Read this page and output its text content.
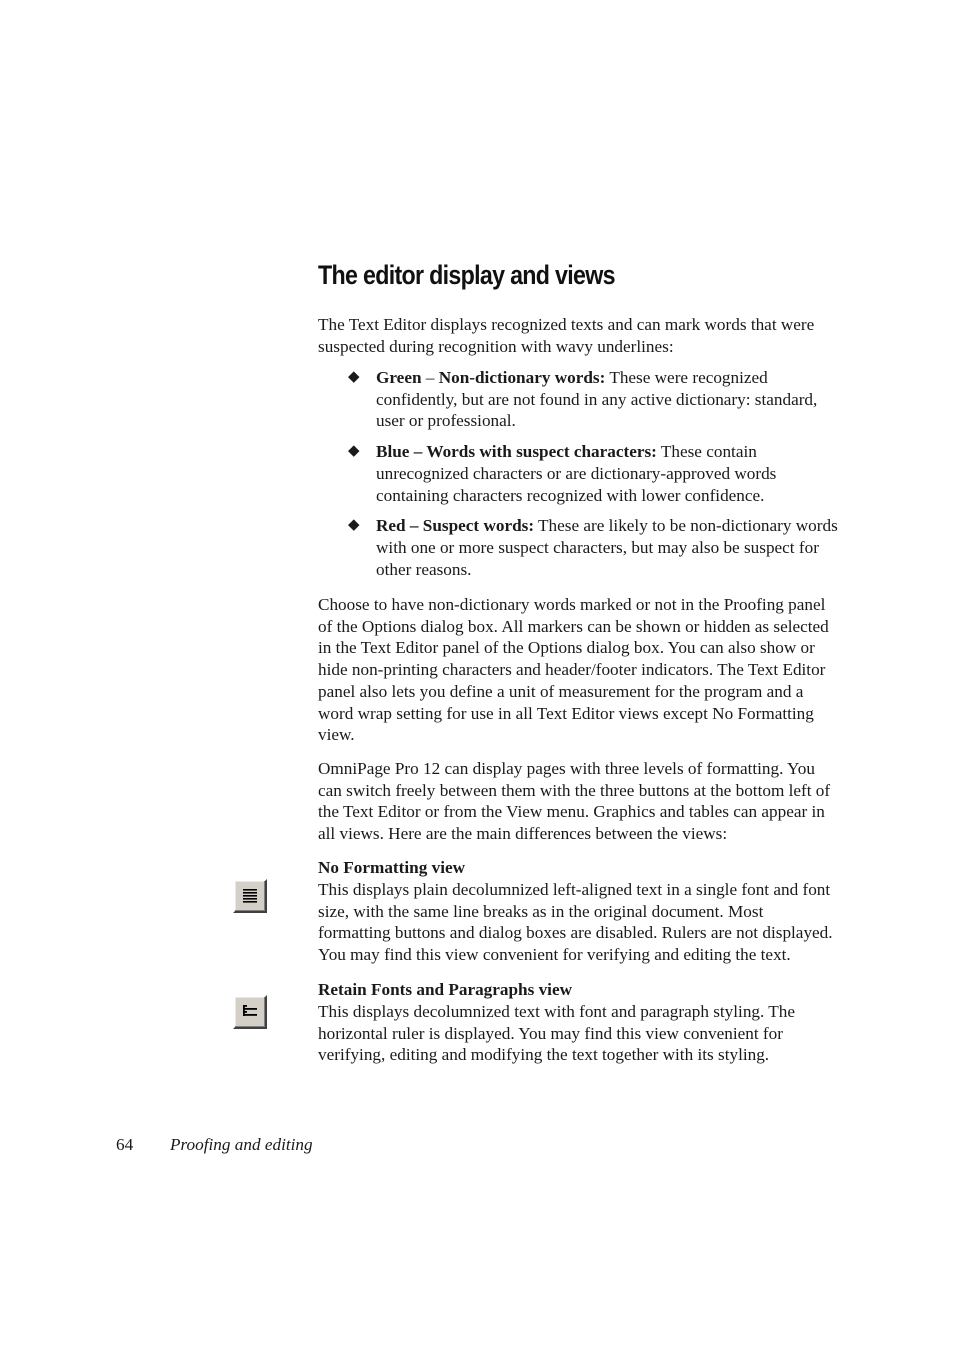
The editor display and views

The Text Editor displays recognized texts and can mark words that were suspected during recognition with wavy underlines:

◆ Green – Non-dictionary words: These were recognized confidently, but are not found in any active dictionary: standard, user or professional.
◆ Blue – Words with suspect characters: These contain unrecognized characters or are dictionary-approved words containing characters recognized with lower confidence.
◆ Red – Suspect words: These are likely to be non-dictionary words with one or more suspect characters, but may also be suspect for other reasons.

Choose to have non-dictionary words marked or not in the Proofing panel of the Options dialog box. All markers can be shown or hidden as selected in the Text Editor panel of the Options dialog box. You can also show or hide non-printing characters and header/footer indicators. The Text Editor panel also lets you define a unit of measurement for the program and a word wrap setting for use in all Text Editor views except No Formatting view.

OmniPage Pro 12 can display pages with three levels of formatting. You can switch freely between them with the three buttons at the bottom left of the Text Editor or from the View menu. Graphics and tables can appear in all views. Here are the main differences between the views:

No Formatting view

This displays plain decolumnized left-aligned text in a single font and font size, with the same line breaks as in the original document. Most formatting buttons and dialog boxes are disabled. Rulers are not displayed. You may find this view convenient for verifying and editing the text.

Retain Fonts and Paragraphs view

This displays decolumnized text with font and paragraph styling. The horizontal ruler is displayed. You may find this view convenient for verifying, editing and modifying the text together with its styling.

64 Proofing and editing
